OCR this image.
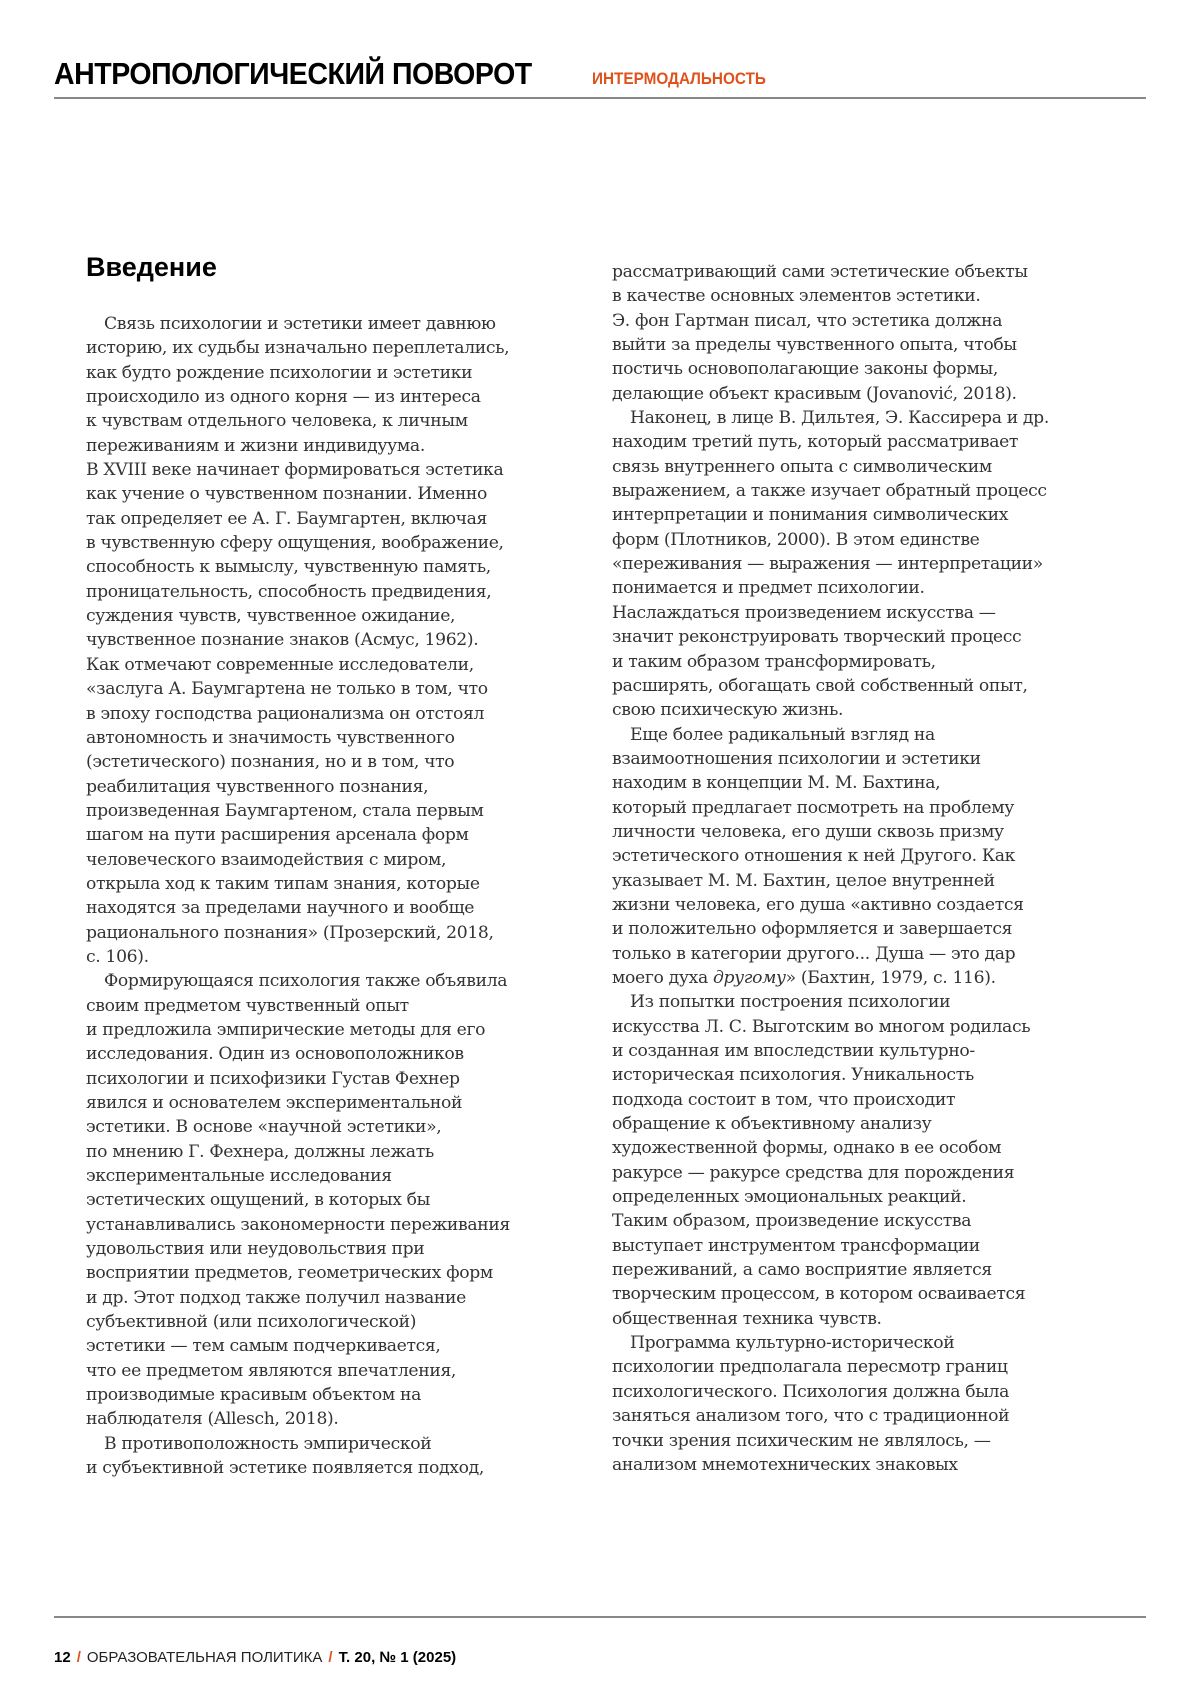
АНТРОПОЛОГИЧЕСКИЙ ПОВОРОТ	ИНТЕРМОДАЛЬНОСТЬ
Введение
Связь психологии и эстетики имеет давнюю
историю, их судьбы изначально переплетались,
как будто рождение психологии и эстетики
происходило из одного корня — из интереса
к чувствам отдельного человека, к личным
переживаниям и жизни индивидуума.
В XVIII веке начинает формироваться эстетика
как учение о чувственном познании. Именно
так определяет ее А. Г. Баумгартен, включая
в чувственную сферу ощущения, воображение,
способность к вымыслу, чувственную память,
проницательность, способность предвидения,
суждения чувств, чувственное ожидание,
чувственное познание знаков (Асмус, 1962).
Как отмечают современные исследователи,
«заслуга А. Баумгартена не только в том, что
в эпоху господства рационализма он отстоял
автономность и значимость чувственного
(эстетического) познания, но и в том, что
реабилитация чувственного познания,
произведенная Баумгартеном, стала первым
шагом на пути расширения арсенала форм
человеческого взаимодействия с миром,
открыла ход к таким типам знания, которые
находятся за пределами научного и вообще
рационального познания» (Прозерский, 2018,
с. 106).
Формирующаяся психология также объявила
своим предметом чувственный опыт
и предложила эмпирические методы для его
исследования. Один из основоположников
психологии и психофизики Густав Фехнер
явился и основателем экспериментальной
эстетики. В основе «научной эстетики»,
по мнению Г. Фехнера, должны лежать
экспериментальные исследования
эстетических ощущений, в которых бы
устанавливались закономерности переживания
удовольствия или неудовольствия при
восприятии предметов, геометрических форм
и др. Этот подход также получил название
субъективной (или психологической)
эстетики — тем самым подчеркивается,
что ее предметом являются впечатления,
производимые красивым объектом на
наблюдателя (Allesch, 2018).
В противоположность эмпирической
и субъективной эстетике появляется подход,
рассматривающий сами эстетические объекты
в качестве основных элементов эстетики.
Э. фон Гартман писал, что эстетика должна
выйти за пределы чувственного опыта, чтобы
постичь основополагающие законы формы,
делающие объект красивым (Jovanović, 2018).
Наконец, в лице В. Дильтея, Э. Кассирера и др.
находим третий путь, который рассматривает
связь внутреннего опыта с символическим
выражением, а также изучает обратный процесс
интерпретации и понимания символических
форм (Плотников, 2000). В этом единстве
«переживания — выражения — интерпретации»
понимается и предмет психологии.
Наслаждаться произведением искусства —
значит реконструировать творческий процесс
и таким образом трансформировать,
расширять, обогащать свой собственный опыт,
свою психическую жизнь.
Еще более радикальный взгляд на
взаимоотношения психологии и эстетики
находим в концепции М. М. Бахтина,
который предлагает посмотреть на проблему
личности человека, его души сквозь призму
эстетического отношения к ней Другого. Как
указывает М. М. Бахтин, целое внутренней
жизни человека, его душа «активно создается
и положительно оформляется и завершается
только в категории другого... Душа — это дар
моего духа другому» (Бахтин, 1979, с. 116).
Из попытки построения психологии
искусства Л. С. Выготским во многом родилась
и созданная им впоследствии культурно-
историческая психология. Уникальность
подхода состоит в том, что происходит
обращение к объективному анализу
художественной формы, однако в ее особом
ракурсе — ракурсе средства для порождения
определенных эмоциональных реакций.
Таким образом, произведение искусства
выступает инструментом трансформации
переживаний, а само восприятие является
творческим процессом, в котором осваивается
общественная техника чувств.
Программа культурно-исторической
психологии предполагала пересмотр границ
психологического. Психология должна была
заняться анализом того, что с традиционной
точки зрения психическим не являлось, —
анализом мнемотехнических знаковых
12 / ОБРАЗОВАТЕЛЬНАЯ ПОЛИТИКА / Т. 20, № 1 (2025)
